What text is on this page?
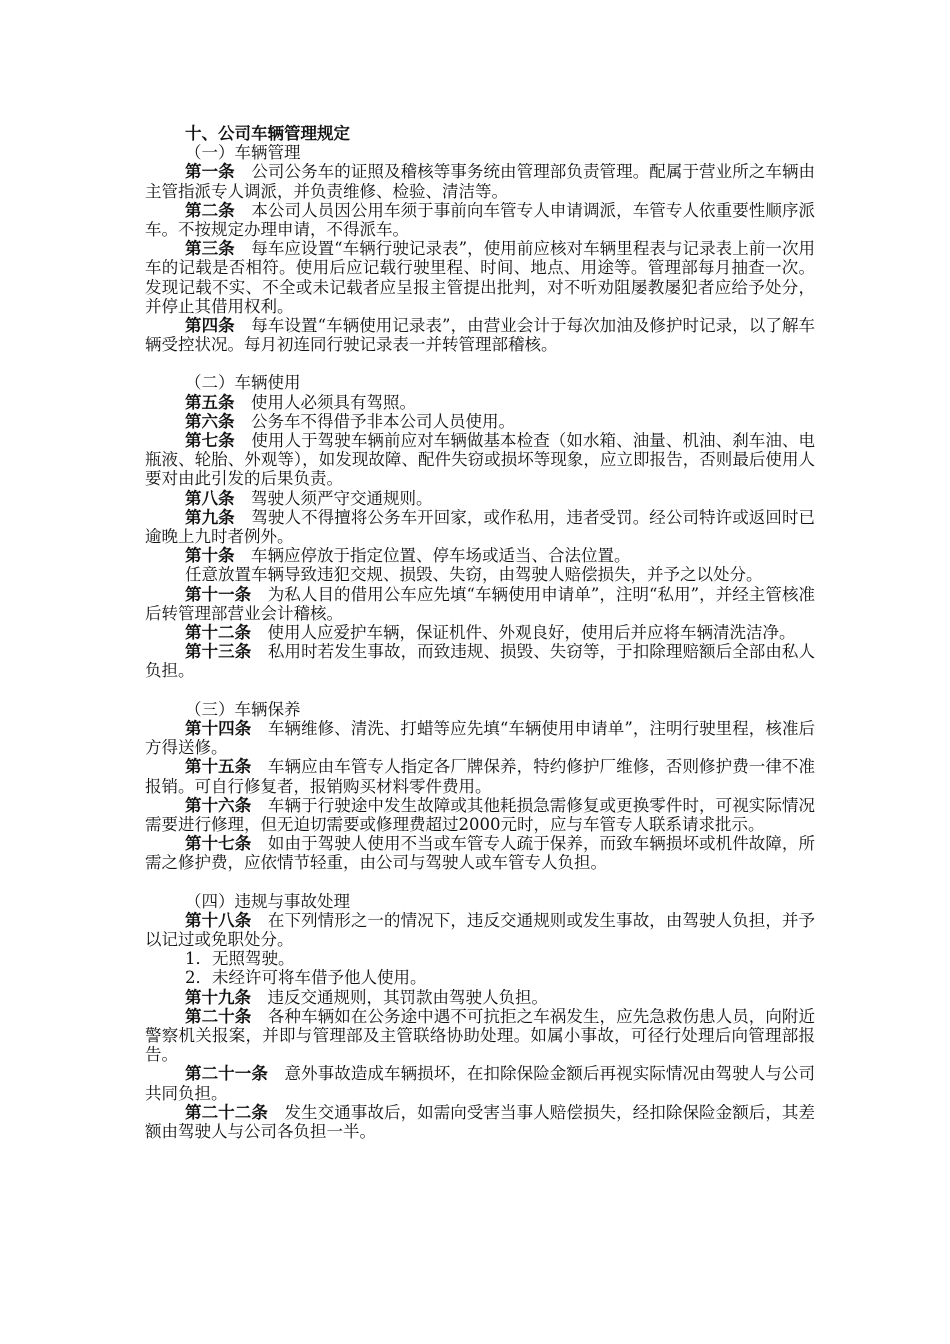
十、公司车辆管理规定
（一）车辆管理

第一条　 公司公务车的证照及稽核等事务统由管理部负责管理。配属于营业所之车辆由主管指派专人调派，并负责维修、检验、清洁等。

第二条　 本公司人员因公用车须于事前向车管专人申请调派，车管专人依重要性顺序派车。不按规定办理申请，不得派车。

第三条　 每车应设置“车辆行驶记录表”，使用前应核对车辆里程表与记录表上前一次用车的记载是否相符。使用后应记载行驶里程、时间、地点、用途等。管理部每月抽查一次。发现记载不实、不全或未记载者应呈报主管提出批判，对不听劝阻屡教屡犯者应给予处分，并停止其借用权利。

第四条　 每车设置“车辆使用记录表”，由营业会计于每次加油及修护时记录，以了解车辆受控状况。每月初连同行驶记录表一并转管理部稽核。

（二）车辆使用

第五条　 使用人必须具有驾照。

第六条　 公务车不得借予非本公司人员使用。

第七条　 使用人于驾驶车辆前应对车辆做基本检查（如水箱、油量、机油、刹车油、电瓶液、轮胎、外观等），如发现故障、配件失窃或损坏等现象，应立即报告，否则最后使用人要对由此引发的后果负责。

第八条　 驾驶人须严守交通规则。

第九条　 驾驶人不得擅将公务车开回家，或作私用，违者受罚。经公司特许或返回时已逾晚上九时者例外。

第十条　 车辆应停放于指定位置、停车场或适当、合法位置。

任意放置车辆导致违犯交规、损毁、失窃，由驾驶人赔偿损失，并予之以处分。

第十一条　 为私人目的借用公车应先填“车辆使用申请单”，注明“私用”，并经主管核准后转管理部营业会计稽核。

第十二条　 使用人应爱护车辆，保证机件、外观良好，使用后并应将车辆清洗洁净。

第十三条　 私用时若发生事故，而致违规、损毁、失窃等，于扣除理赔额后全部由私人负担。

（三）车辆保养

第十四条　 车辆维修、清洗、打蜡等应先填“车辆使用申请单”，注明行驶里程，核准后方得送修。

第十五条　 车辆应由车管专人指定各厂牌保养，特约修护厂维修，否则修护费一律不准报销。可自行修复者，报销购买材料零件费用。

第十六条　 车辆于行驶途中发生故障或其他耗损急需修复或更换零件时，可视实际情况需要进行修理，但无迫切需要或修理费超过2000元时，应与车管专人联系请求批示。

第十七条　 如由于驾驶人使用不当或车管专人疏于保养，而致车辆损坏或机件故障，所需之修护费，应依情节轻重，由公司与驾驶人或车管专人负担。

（四）违规与事故处理

第十八条　 在下列情形之一的情况下，违反交通规则或发生事故，由驾驶人负担，并予以记过或免职处分。

1．无照驾驶。

2．未经许可将车借予他人使用。

第十九条　 违反交通规则，其罚款由驾驶人负担。

第二十条　 各种车辆如在公务途中遇不可抗拒之车祸发生，应先急救伤患人员，向附近警察机关报案，并即与管理部及主管联络协助处理。如属小事故，可径行处理后向管理部报告。

第二十一条　 意外事故造成车辆损坏，在扣除保险金额后再视实际情况由驾驶人与公司共同负担。

第二十二条　 发生交通事故后，如需向受害当事人赔偿损失，经扣除保险金额后，其差额由驾驶人与公司各负担一半。
